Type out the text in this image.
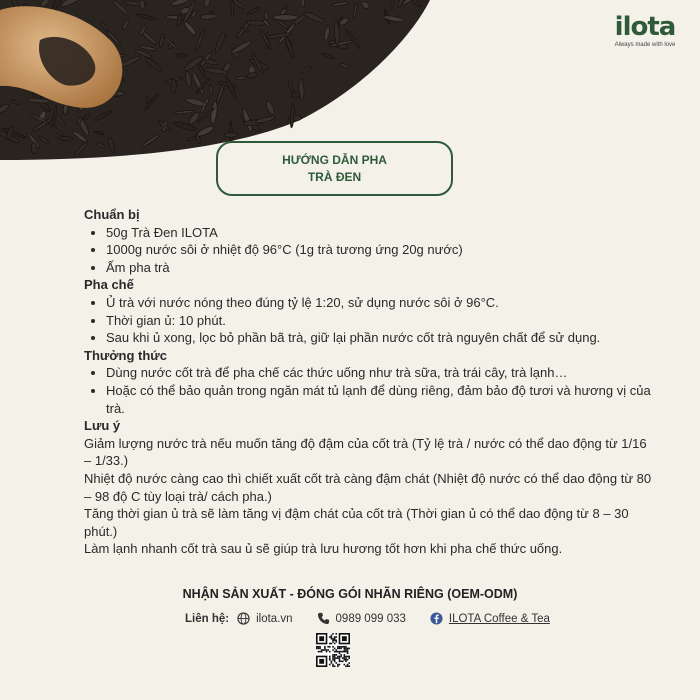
ilota
Always made with love
HƯỚNG DẪN PHA
TRÀ ĐEN
Chuẩn bị
• 50g Trà Đen ILOTA
• 1000g nước sôi ở nhiệt độ 96°C (1g trà tương ứng 20g nước)
• Ấm pha trà
Pha chế
• Ủ trà với nước nóng theo đúng tỷ lệ 1:20, sử dụng nước sôi ở 96°C.
• Thời gian ủ: 10 phút.
• Sau khi ủ xong, lọc bỏ phần bã trà, giữ lại phần nước cốt trà nguyên chất để sử dụng.
Thưởng thức
• Dùng nước cốt trà để pha chế các thức uống như trà sữa, trà trái cây, trà lạnh…
• Hoặc có thể bảo quản trong ngăn mát tủ lạnh để dùng riêng, đảm bảo độ tươi và hương vị của trà.
Lưu ý

Giảm lượng nước trà nếu muốn tăng độ đậm của cốt trà (Tỷ lệ trà / nước có thể dao động từ 1/16 – 1/33.)

Nhiệt độ nước càng cao thì chiết xuất cốt trà càng đậm chát (Nhiệt độ nước có thể dao động từ 80 – 98 độ C tùy loại trà/ cách pha.)

Tăng thời gian ủ trà sẽ làm tăng vị đậm chát của cốt trà (Thời gian ủ có thể dao động từ 8 – 30 phút.)

Làm lạnh nhanh cốt trà sau ủ sẽ giúp trà lưu hương tốt hơn khi pha chế thức uống.

NHẬN SẢN XUẤT - ĐÓNG GÓI NHÃN RIÊNG (OEM-ODM)
Liên hệ: ilota.vn	0989 099 033	ILOTA Coffee & Tea
